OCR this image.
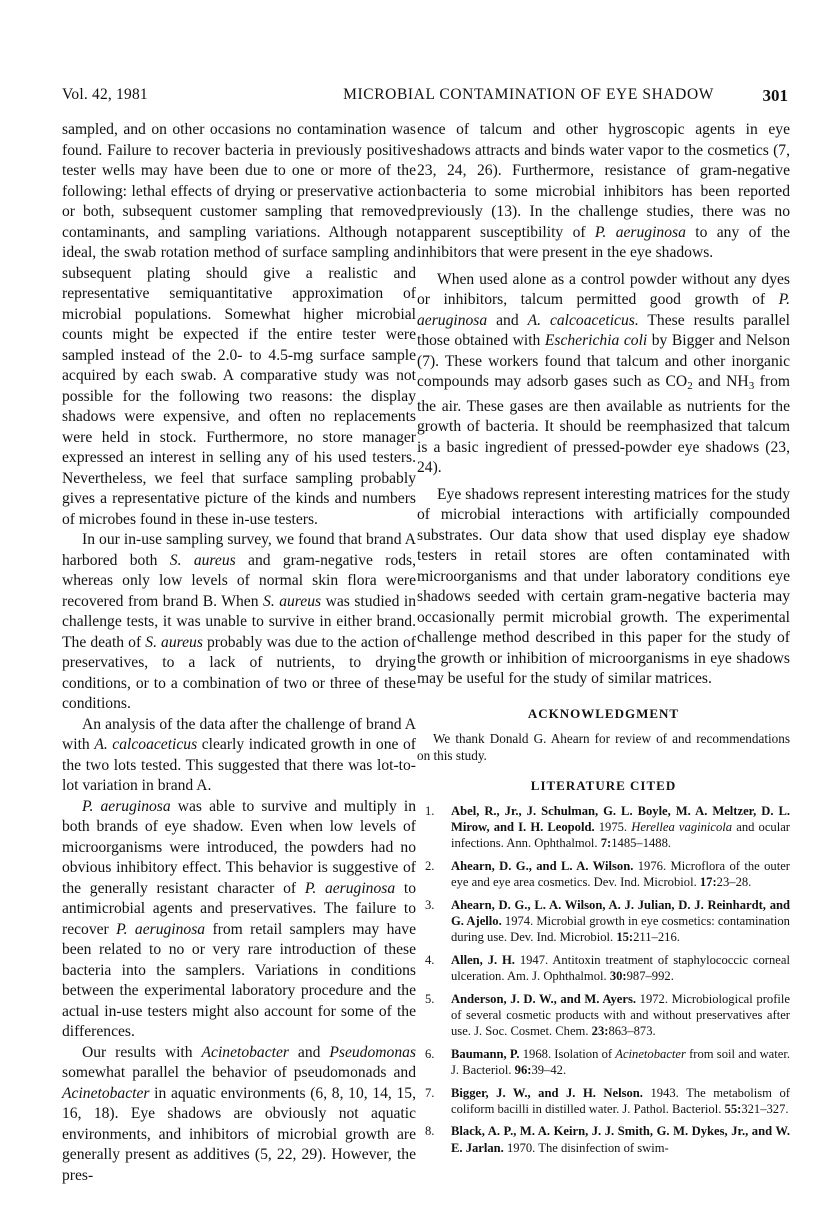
Vol. 42, 1981	MICROBIAL CONTAMINATION OF EYE SHADOW	301

sampled, and on other occasions no contamination was found. Failure to recover bacteria in previously positive tester wells may have been due to one or more of the following: lethal effects of drying or preservative action or both, subsequent customer sampling that removed contaminants, and sampling variations. Although not ideal, the swab rotation method of surface sampling and subsequent plating should give a realistic and representative semiquantitative approximation of microbial populations. Somewhat higher microbial counts might be expected if the entire tester were sampled instead of the 2.0- to 4.5-mg surface sample acquired by each swab. A comparative study was not possible for the following two reasons: the display shadows were expensive, and often no replacements were held in stock. Furthermore, no store manager expressed an interest in selling any of his used testers. Nevertheless, we feel that surface sampling probably gives a representative picture of the kinds and numbers of microbes found in these in-use testers.

In our in-use sampling survey, we found that brand A harbored both S. aureus and gram-negative rods, whereas only low levels of normal skin flora were recovered from brand B. When S. aureus was studied in challenge tests, it was unable to survive in either brand. The death of S. aureus probably was due to the action of preservatives, to a lack of nutrients, to drying conditions, or to a combination of two or three of these conditions.

An analysis of the data after the challenge of brand A with A. calcoaceticus clearly indicated growth in one of the two lots tested. This suggested that there was lot-to-lot variation in brand A.

P. aeruginosa was able to survive and multiply in both brands of eye shadow. Even when low levels of microorganisms were introduced, the powders had no obvious inhibitory effect. This behavior is suggestive of the generally resistant character of P. aeruginosa to antimicrobial agents and preservatives. The failure to recover P. aeruginosa from retail samplers may have been related to no or very rare introduction of these bacteria into the samplers. Variations in conditions between the experimental laboratory procedure and the actual in-use testers might also account for some of the differences.

Our results with Acinetobacter and Pseudomonas somewhat parallel the behavior of pseudomonads and Acinetobacter in aquatic environments (6, 8, 10, 14, 15, 16, 18). Eye shadows are obviously not aquatic environments, and inhibitors of microbial growth are generally present as additives (5, 22, 29). However, the pres-

ence of talcum and other hygroscopic agents in eye shadows attracts and binds water vapor to the cosmetics (7, 23, 24, 26). Furthermore, resistance of gram-negative bacteria to some microbial inhibitors has been reported previously (13). In the challenge studies, there was no apparent susceptibility of P. aeruginosa to any of the inhibitors that were present in the eye shadows.

When used alone as a control powder without any dyes or inhibitors, talcum permitted good growth of P. aeruginosa and A. calcoaceticus. These results parallel those obtained with Escherichia coli by Bigger and Nelson (7). These workers found that talcum and other inorganic compounds may adsorb gases such as $CO_2$ and $NH_3$ from the air. These gases are then available as nutrients for the growth of bacteria. It should be reemphasized that talcum is a basic ingredient of pressed-powder eye shadows (23, 24).

Eye shadows represent interesting matrices for the study of microbial interactions with artificially compounded substrates. Our data show that used display eye shadow testers in retail stores are often contaminated with microorganisms and that under laboratory conditions eye shadows seeded with certain gram-negative bacteria may occasionally permit microbial growth. The experimental challenge method described in this paper for the study of the growth or inhibition of microorganisms in eye shadows may be useful for the study of similar matrices.

ACKNOWLEDGMENT

We thank Donald G. Ahearn for review of and recommendations on this study.

LITERATURE CITED
1. Abel, R., Jr., J. Schulman, G. L. Boyle, M. A. Meltzer, D. L. Mirow, and I. H. Leopold. 1975. Herellea vaginicola and ocular infections. Ann. Ophthalmol. 7:1485–1488.
2. Ahearn, D. G., and L. A. Wilson. 1976. Microflora of the outer eye and eye area cosmetics. Dev. Ind. Microbiol. 17:23–28.
3. Ahearn, D. G., L. A. Wilson, A. J. Julian, D. J. Reinhardt, and G. Ajello. 1974. Microbial growth in eye cosmetics: contamination during use. Dev. Ind. Microbiol. 15:211–216.
4. Allen, J. H. 1947. Antitoxin treatment of staphylococcic corneal ulceration. Am. J. Ophthalmol. 30:987–992.
5. Anderson, J. D. W., and M. Ayers. 1972. Microbiological profile of several cosmetic products with and without preservatives after use. J. Soc. Cosmet. Chem. 23:863–873.
6. Baumann, P. 1968. Isolation of Acinetobacter from soil and water. J. Bacteriol. 96:39–42.
7. Bigger, J. W., and J. H. Nelson. 1943. The metabolism of coliform bacilli in distilled water. J. Pathol. Bacteriol. 55:321–327.
8. Black, A. P., M. A. Keirn, J. J. Smith, G. M. Dykes, Jr., and W. E. Jarlan. 1970. The disinfection of swim-
